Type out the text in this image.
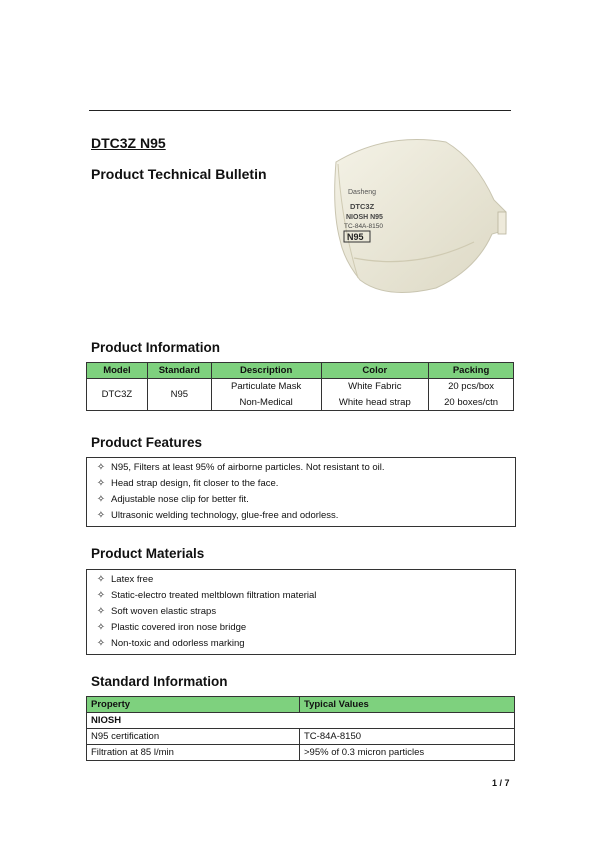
DTC3Z N95
Product Technical Bulletin
Dasheng
DTC3Z
NIOSH N95
TC-84A-8150
N95
Product Information
Model	Standard	Description	Color	Packing
DTC3Z	N95	Particulate Mask	White Fabric	20 pcs/box
		Non-Medical	White head strap	20 boxes/ctn
Product Features
✧ N95, Filters at least 95% of airborne particles. Not resistant to oil.
✧ Head strap design, fit closer to the face.
✧ Adjustable nose clip for better fit.
✧ Ultrasonic welding technology, glue-free and odorless.
Product Materials
✧ Latex free
✧ Static-electro treated meltblown filtration material
✧ Soft woven elastic straps
✧ Plastic covered iron nose bridge
✧ Non-toxic and odorless marking
Standard Information
Property	Typical Values
NIOSH	
N95 certification	TC-84A-8150
Filtration at 85 l/min	>95% of 0.3 micron particles
1 / 7
